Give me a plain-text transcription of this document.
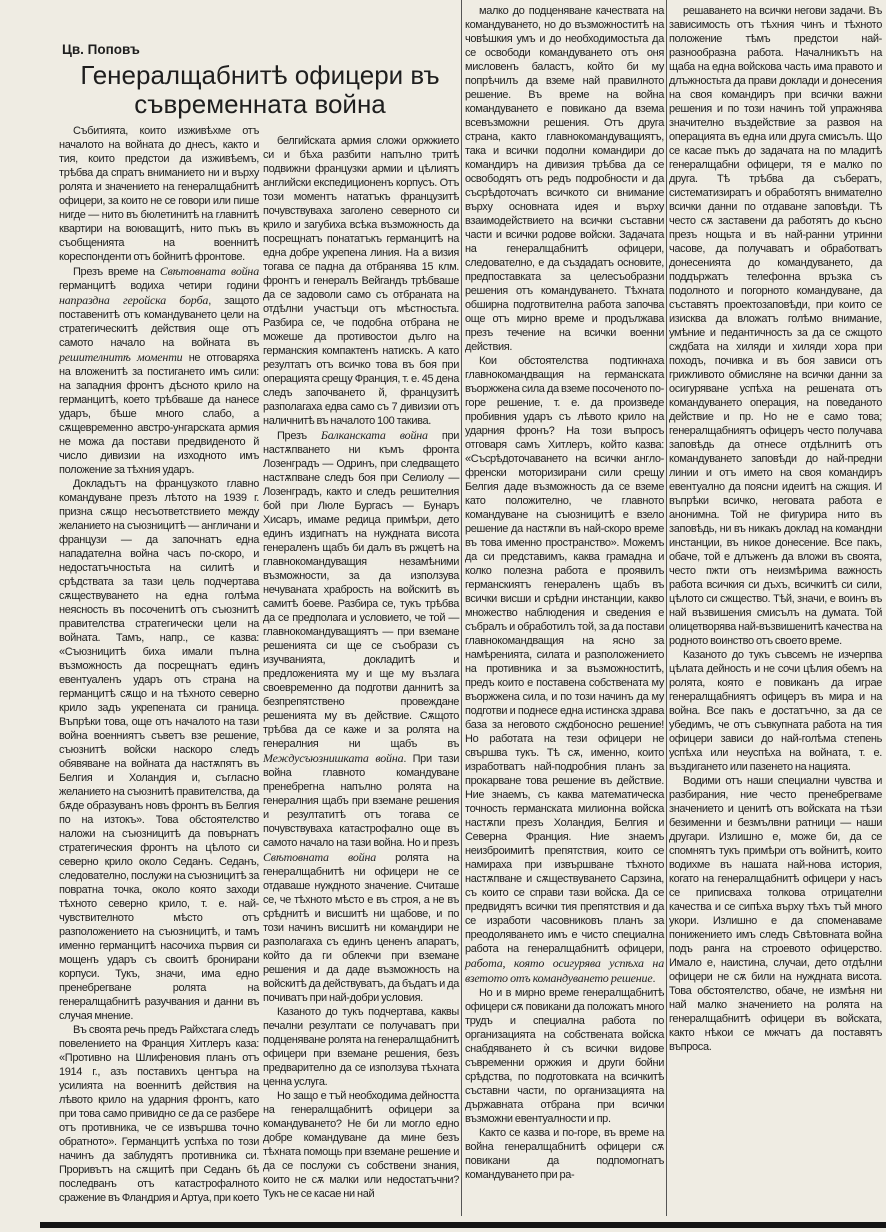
Цв. Поповъ
Генералщабнитѣ офицери въ
съвременната война

Събитията, които изживѣхме отъ началото на войната до днесъ, както и тия, които предстои да изживѣемъ, трѣбва да спратъ вниманието ни и върху ролята и значението на генералщабнитѣ офицери, за които не се говори или пише нигде — нито въ бюлетинитѣ на главнитѣ квартири на воюващитѣ, нито пъкъ въ съобщенията на военнитѣ кореспонденти отъ бойнитѣ фронтове.

Презъ време на Свѣтовната война германцитѣ водиха четири години напраздна геройска борба, защото поставенитѣ отъ командуването цели на стратегическитѣ действия още отъ самото начало на войната въ решителнитѣ моменти не отговаряха на вложенитѣ за постигането имъ сили: на западния фронтъ дѣсното крило на германцитѣ, което трѣбваше да нанесе ударъ, бѣше много слабо, а сѫщевременно австро-унгарската армия не можа да постави предвиденото й число дивизии на изходното имъ положение за тѣхния ударъ.

Докладътъ на французкото главно командуване презъ лѣтото на 1939 г. призна сѫщо несъответствието между желанието на съюзницитѣ — англичани и французи — да започнатъ една нападателна война часъ по-скоро, и недостатъчностьта на силитѣ и срѣдствата за тази цель подчертава сѫществуването на една голѣма неясность въ посоченитѣ отъ съюзнитѣ правителства стратегически цели на войната. Тамъ, напр., се казва: «Съюзницитѣ биха имали пълна възможность да посрещнатъ единъ евентуаленъ ударъ отъ страна на германцитѣ сѫщо и на тѣхното северно крило задъ укрепената си граница. Въпрѣки това, още отъ началото на тази война военниятъ съветъ взе решение, съюзнитѣ войски наскоро следъ обявяване на войната да настѫпятъ въ Белгия и Холандия и, съгласно желанието на съюзнитѣ правителства, да бѫде образуванъ новъ фронтъ въ Белгия по на изтокъ». Това обстоятелство наложи на съюзницитѣ да повърнатъ стратегическия фронтъ на цѣлото си северно крило около Седанъ. Седанъ, следователно, послужи на съюзницитѣ за повратна точка, около която заходи тѣхното северно крило, т. е. най-чувствителното мѣсто отъ разположението на съюзницитѣ, и тамъ именно германцитѣ насочиха първия си мощенъ ударъ съ своитѣ бронирани корпуси. Тукъ, значи, има едно пренебрегване ролята на генералщабнитѣ разучвания и данни въ случая мнение.

Въ своята речь предъ Райхстага следъ повелението на Франция Хитлеръ каза: «Противно на Шлифеновия планъ отъ 1914 г., азъ поставихъ центъра на усилията на военнитѣ действия на лѣвото крило на ударния фронтъ, като при това само привидно се да се разбере отъ противника, че се извършва точно обратното». Германцитѣ успѣха по този начинъ да заблудятъ противника си. Проривътъ на сѫщитѣ при Седанъ бѣ последванъ отъ катастрофалното сражение въ Фландрия и Артуа, при което

белгийската армия сложи оржжието си и бѣха разбити напълно тритѣ подвижни французки армии и цѣлиятъ английски експедиционенъ корпусъ. Отъ този моментъ нататъкъ французитѣ почувствуваха заголено северното си крило и загубиха всѣка възможность да посрещнатъ понататъкъ германцитѣ на една добре укрепена линия. На а визия тогава се падна да отбранява 15 клм. фронтъ и генералъ Вейгандъ трѣбваше да се задоволи само съ отбраната на отдѣлни участъци отъ мѣстностьта. Разбира се, че подобна отбрана не можеше да противостои дълго на германския компактенъ натискъ. А като резултатъ отъ всичко това въ боя при операцията срещу Франция, т. е. 45 дена следъ започването й, французитѣ разполагаха едва само съ 7 дивизии отъ наличнитѣ въ началото 100 такива.

Презъ Балканската война при настѫпването ни къмъ фронта Лозенградъ — Одринъ, при следващето настѫпване следъ боя при Селиолу — Лозенградъ, както и следъ решителния бой при Люле Бургасъ — Бунаръ Хисаръ, имаме редица примѣри, дето единъ издигнатъ на нуждната висота генераленъ щабъ би далъ въ ржцетѣ на главнокомандуващия незамѣними възможности, за да използува нечуваната храбрость на войскитѣ въ самитѣ боеве. Разбира се, тукъ трѣбва да се предполага и условието, че той — главнокомандуващиятъ — при вземане решенията си ще се съобрази съ изучванията, докладитѣ и предложенията му и ще му възлага своевременно да подготви даннитѣ за безпрепятствено провеждане решенията му въ действие. Сѫщото трѣбва да се каже и за ролята на генералния ни щабъ въ Междусъюзнишката война. При тази война главното командуване пренебрегна напълно ролята на генералния щабъ при вземане решения и резултатитѣ отъ тогава се почувствуваха катастрофално още въ самото начало на тази война. Но и презъ Свѣтовната война ролята на генералщабнитѣ ни офицери не се отдаваше нуждното значение. Считаше се, че тѣхното мѣсто е въ строя, а не въ срѣднитѣ и висшитѣ ни щабове, и по този начинъ висшитѣ ни командири не разполагаха съ единъ цененъ апаратъ, който да ги облекчи при вземане решения и да даде възможность на войскитѣ да действуватъ, да бъдатъ и да почиватъ при най-добри условия.

Казаното до тукъ подчертава, каквы печални резултати се получаватъ при подценяване ролята на генералщабнитѣ офицери при вземане решения, безъ предварително да се използува тѣхната ценна услуга.

Но защо е тъй необходима дейността на генералщабнитѣ офицери за командуването? Не би ли могло едно добре командуване да мине безъ тѣхната помощь при вземане решение и да се послужи съ собствени знания, които не сѫ малки или недостатъчни? Тукъ не се касае ни най

малко до подценяване качествата на командуването, но до възможноститѣ на човѣшкия умъ и до необходимостьта да се освободи командуването отъ оня мисловенъ баластъ, който би му попрѣчилъ да вземе най правилното решение. Въ време на война командуването е повикано да взема всевъзможни решения. Отъ друга страна, както главнокомандуващиятъ, така и всички подолни командири до командиръ на дивизия трѣбва да се освободятъ отъ редъ подробности и да съсрѣдоточатъ всичкото си внимание върху основната идея и върху взаимодействието на всички съставни части и всички родове войски. Задачата на генералщабнитѣ офицери, следователно, е да създадатъ основите, предпоставката за целесъобразни решения отъ командуването. Тѣхната обширна подготвителна работа започва още отъ мирно време и продължава презъ течение на всички военни действия.

Кои обстоятелства подтикнаха главнокомандващия на германската въоржжена сила да вземе посоченото по-горе решение, т. е. да произведе пробивния ударъ съ лѣвото крило на ударния фронъ? На този въпросъ отговаря самъ Хитлеръ, който казва: «Съсрѣдоточаването на всички англо-френски моторизирани сили срещу Белгия даде възможность да се вземе като положително, че главното командуване на съюзницитѣ е взело решение да настѫпи въ най-скоро време въ това именно пространство». Можемъ да си представимъ, каква грамадна и колко полезна работа е проявилъ германскиятъ генераленъ щабъ въ всички висши и срѣдни инстанции, какво множество наблюдения и сведения е събралъ и обработилъ той, за да постави главнокомандващия на ясно за намѣренията, силата и разположението на противника и за възможноститѣ, предъ които е поставена собствената му въоржжена сила, и по този начинъ да му подготви и поднесе една истинска здрава база за неговото сждбоносно решение! Но работата на тези офицери не свършва тукъ. Тѣ сѫ, именно, които изработватъ най-подробния планъ за прокарване това решение въ действие. Ние знаемъ, съ каква математическа точность германската милионна войска настѫпи презъ Холандия, Белгия и Северна Франция. Ние знаемъ неизброимитѣ препятствия, които се намираха при извършване тѣхното настѫпване и сѫществуването Сарзина, съ които се справи тази войска. Да се предвидятъ всички тия препятствия и да се изработи часовниковъ планъ за преодоляването имъ е чисто специална работа на генералщабнитѣ офицери, работа, която осигурява успѣха на взетото отъ командуването решение.

Но и в мирно време генералщабнитѣ офицери сѫ повикани да положатъ много трудъ и специална работа по организацията на собствената войска снабдяването ѝ съ всички видове съвременни оржжия и други бойни срѣдства, по подготовката на всичкитѣ съставни части, по организацията на държавната отбрана при всички възможни евентуалности и пр.

Както се казва и по-горе, въ време на война генералщабнитѣ офицери сѫ повикани да подпомогнатъ командуването при ра-

решаването на всички негови задачи. Въ зависимость отъ тѣхния чинъ и тѣхното положение тѣмъ предстои най-разнообразна работа. Началникътъ на щаба на една войскова часть има правото и длъжностьта да прави доклади и донесения на своя командиръ при всички важни решения и по този начинъ той упражнява значително въздействие за развоя на операцията въ една или друга смисълъ. Що се касае пъкъ до задачата на по младитѣ генералщабни офицери, тя е малко по друга. Тѣ трѣбва да събератъ, систематизиратъ и обработятъ внимателно всички данни по отдаване заповѣди. Тѣ често сѫ заставени да работятъ до късно презъ нощьта и въ най-ранни утринни часове, да получаватъ и обработватъ донесенията до командуването, да поддържатъ телефонна връзка съ подолното и погорното командуване, да съставятъ проектозаповѣди, при които се изисква да вложатъ голѣмо внимание, умѣние и педантичность за да се сжщото сждбата на хиляди и хиляди хора при походъ, почивка и въ боя зависи отъ грижливото обмисляне на всички данни за осигуряване успѣха на решената отъ командуването операция, на поведаното действие и пр. Но не е само това; генералщабниятъ офицеръ често получава заповѣдь да отнесе отдѣлнитѣ отъ командуването заповѣди до най-предни линии и отъ името на своя командиръ евентуално да поясни идеитѣ на сжщия. И въпрѣки всичко, неговата работа е анонимна. Той не фигурира нито въ заповѣдь, ни въ никакъ доклад на командни инстанции, въ никое донесение. Все пакъ, обаче, той е длъженъ да вложи въ своята, често пжти отъ неизмѣрима важность работа всичкия си дъхъ, всичкитѣ си сили, цѣлото си сжщество. Тѣй, значи, е воинъ въ най възвишения смисълъ на думата. Той олицетворява най-възвишенитѣ качества на родното воинство отъ своето време.

Казаното до тукъ съвсемъ не изчерпва цѣлата дейность и не сочи цѣлия обемъ на ролята, която е повиканъ да играе генералщабниятъ офицеръ въ мира и на война. Все пакъ е достатъчно, за да се убедимъ, че отъ съвкупната работа на тия офицери зависи до най-голѣма степень успѣха или неуспѣха на войната, т. е. въздигането или пазенето на нацията.

Водими отъ наши специални чувства и разбирания, ние често пренебрегваме значението и ценитѣ отъ войската на тѣзи безименни и безмълвни ратници — наши другари. Излишно е, може би, да се спомнятъ тукъ примѣри отъ войнитѣ, които водихме въ нашата най-нова история, когато на генералщабнитѣ офицери у насъ се приписваха толкова отрицателни качества и се сипѣха върху тѣхъ тъй много укори. Излишно е да споменаваме понижението имъ следъ Свѣтовната война подъ ранга на строевото офицерство. Имало е, наистина, случаи, дето отдѣлни офицери не сѫ били на нуждната висота. Това обстоятелство, обаче, не измѣня ни най малко значението на ролята на генералщабнитѣ офицери въ войската, както нѣкои се мжчатъ да поставятъ въпроса.
